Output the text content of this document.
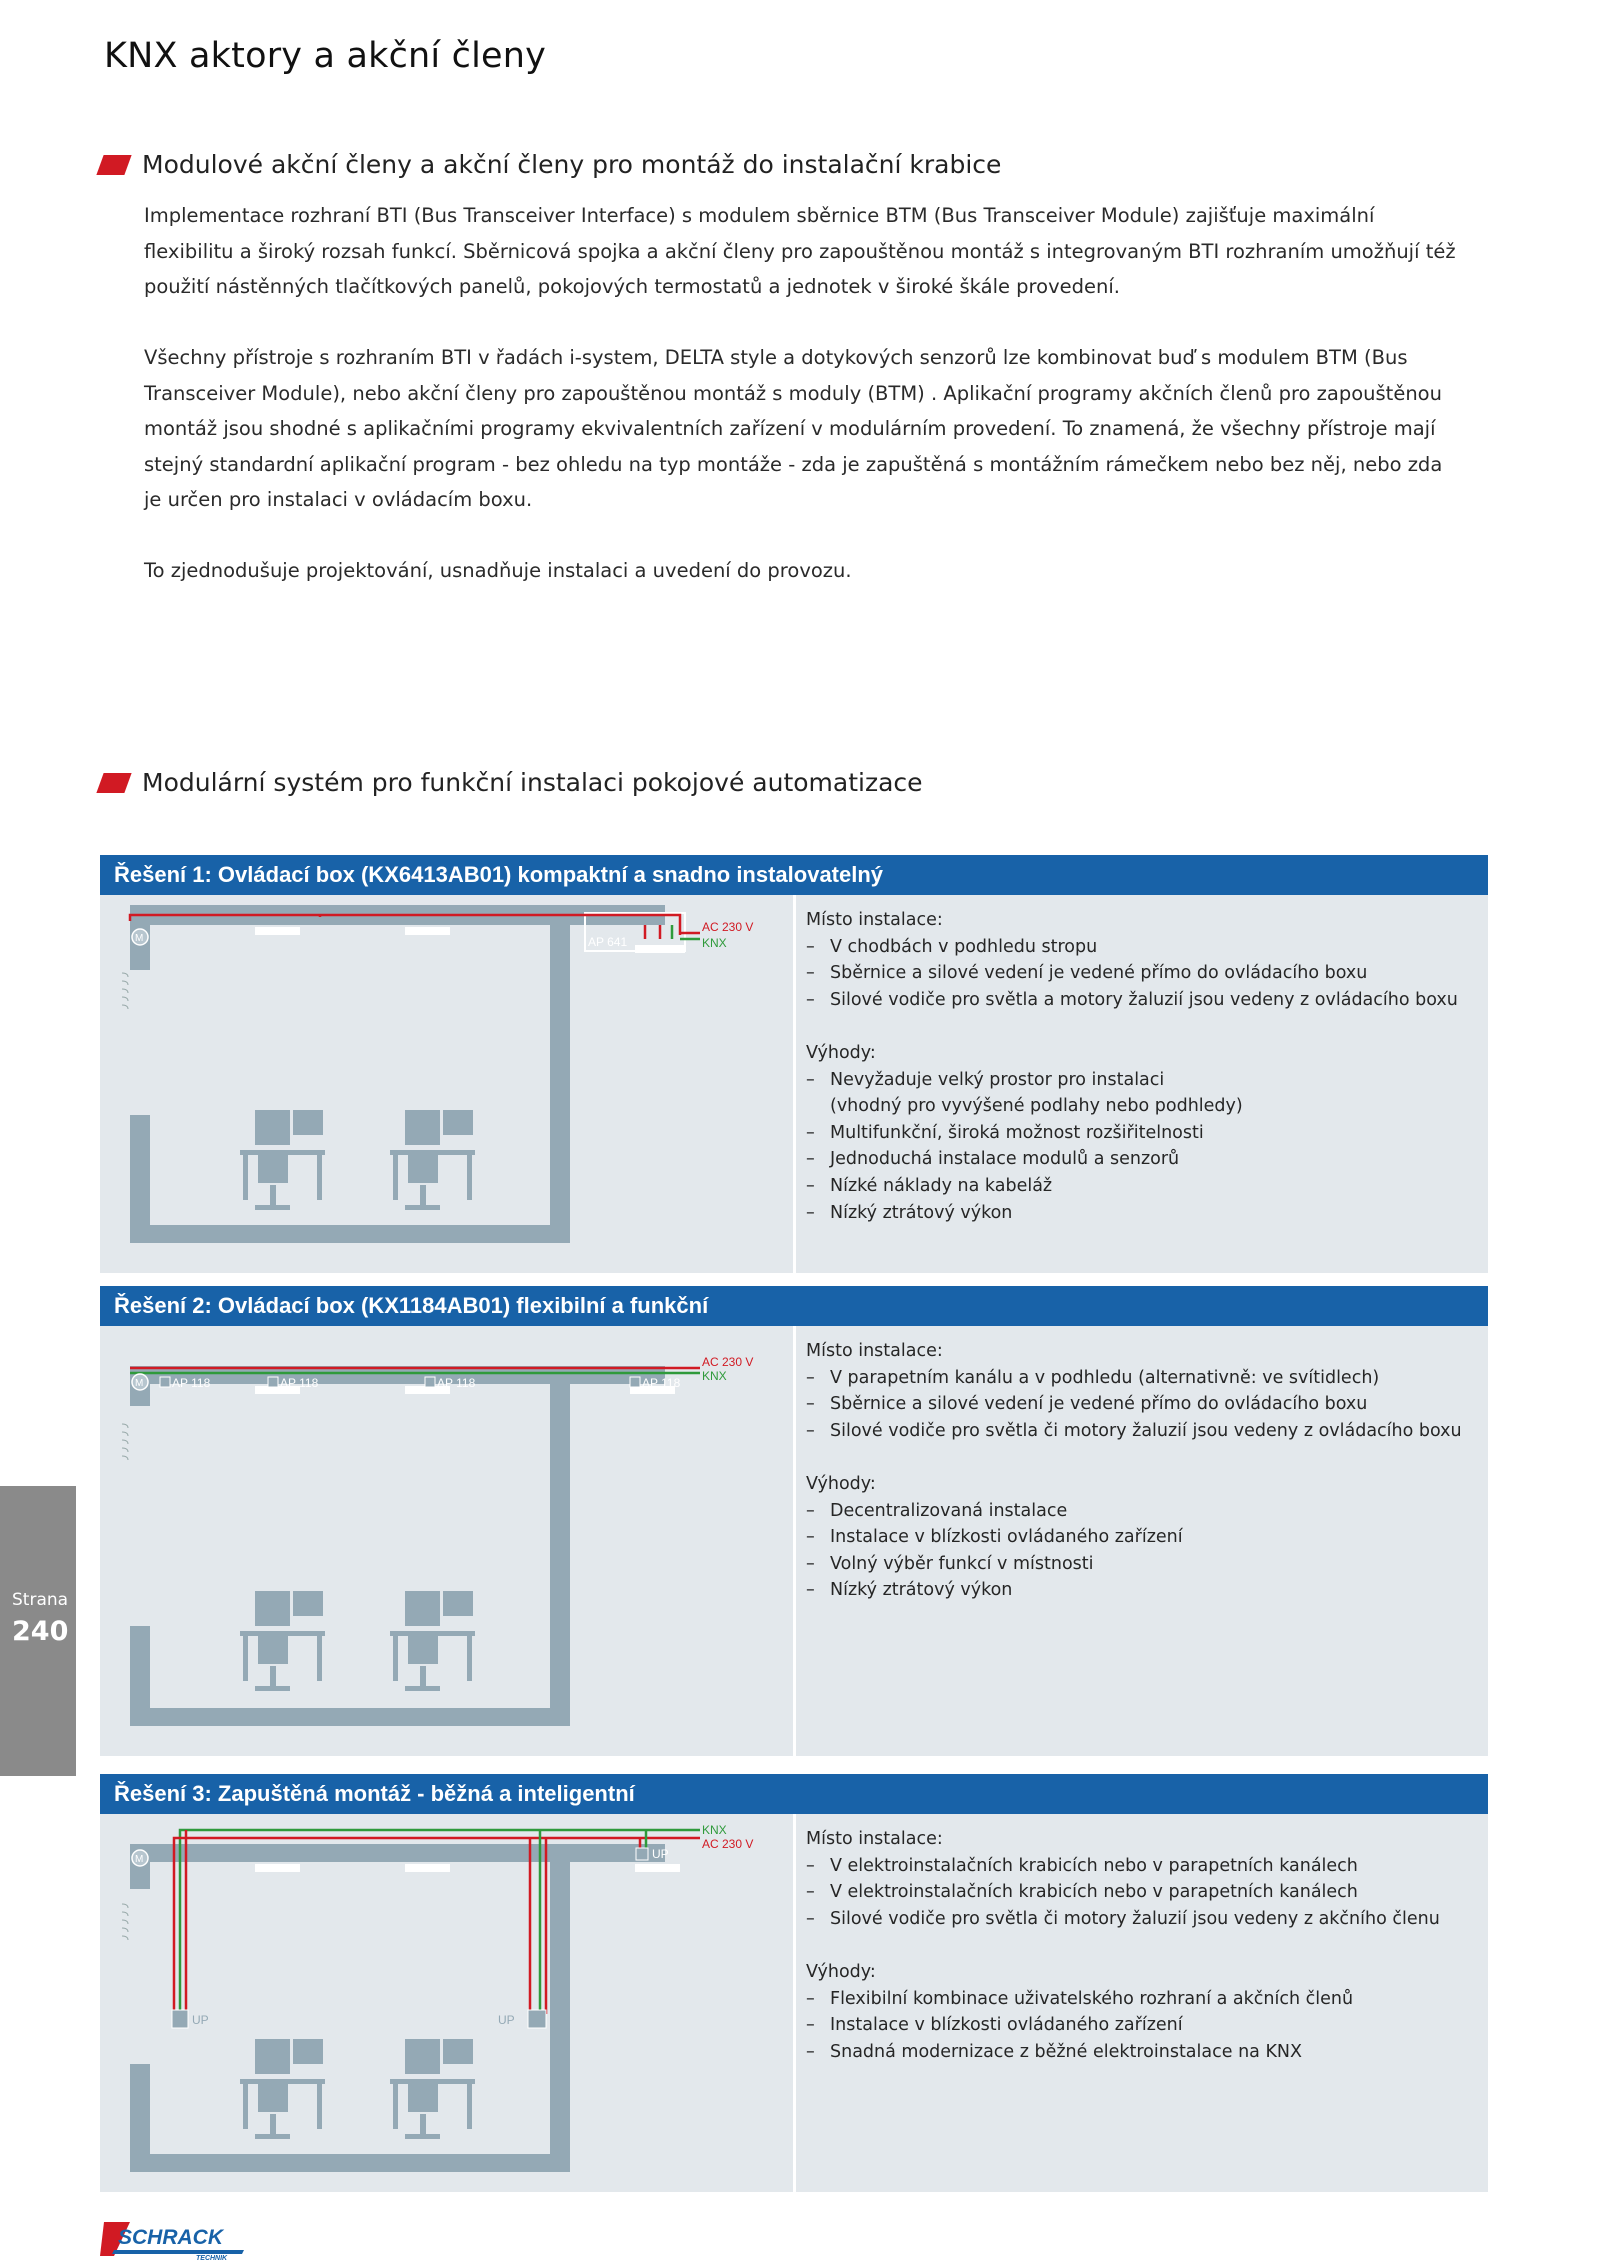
KNX aktory a akční členy
Modulové akční členy a akční členy pro montáž do instalační krabice

Implementace rozhraní BTI (Bus Transceiver Interface) s modulem sběrnice BTM (Bus Transceiver Module) zajišťuje maximální flexibilitu a široký rozsah funkcí. Sběrnicová spojka a akční členy pro zapouštěnou montáž s integrovaným BTI rozhraním umožňují též použití nástěnných tlačítkových panelů, pokojových termostatů a jednotek v široké škále provedení.

Všechny přístroje s rozhraním BTI v řadách i-system, DELTA style a dotykových senzorů lze kombinovat buď s modulem BTM (Bus Transceiver Module), nebo akční členy pro zapouštěnou montáž s moduly (BTM) . Aplikační programy akčních členů pro zapouštěnou montáž jsou shodné s aplikačními programy ekvivalentních zařízení v modulárním provedení. To znamená, že všechny přístroje mají stejný standardní aplikační program - bez ohledu na typ montáže - zda je zapuštěná s montážním rámečkem nebo bez něj, nebo zda je určen pro instalaci v ovládacím boxu.

To zjednodušuje projektování, usnadňuje instalaci a uvedení do provozu.

Modulární systém pro funkční instalaci pokojové automatizace
Řešení 1: Ovládací box (KX6413AB01) kompaktní a snadno instalovatelný
AP 641
M
AC 230 V
KNX

Místo instalace:

– V chodbách v podhledu stropu
– Sběrnice a silové vedení je vedené přímo do ovládacího boxu
– Silové vodiče pro světla a motory žaluzií jsou vedeny z ovládacího boxu

Výhody:

– Nevyžaduje velký prostor pro instalaci
(vhodný pro vyvýšené podlahy nebo podhledy)
– Multifunkční, široká možnost rozšiřitelnosti
– Jednoduchá instalace modulů a senzorů
– Nízké náklady na kabeláž
– Nízký ztrátový výkon
Řešení 2: Ovládací box (KX1184AB01) flexibilní a funkční
AP 118	AP 118	AP 118	AP 118
M
AC 230 V
KNX

Místo instalace:

– V parapetním kanálu a v podhledu (alternativně: ve svítidlech)
– Sběrnice a silové vedení je vedené přímo do ovládacího boxu
– Silové vodiče pro světla či motory žaluzií jsou vedeny z ovládacího boxu

Výhody:

– Decentralizovaná instalace
– Instalace v blízkosti ovládaného zařízení
– Volný výběr funkcí v místnosti
– Nízký ztrátový výkon
Řešení 3: Zapuštěná montáž - běžná a inteligentní
UP
UP	UP
M
KNX
AC 230 V	Místo instalace:

– V elektroinstalačních krabicích nebo v parapetních kanálech
– V elektroinstalačních krabicích nebo v parapetních kanálech
– Silové vodiče pro světla či motory žaluzií jsou vedeny z akčního členu

Výhody:

– Flexibilní kombinace uživatelského rozhraní a akčních členů
– Instalace v blízkosti ovládaného zařízení
– Snadná modernizace z běžné elektroinstalace na KNX
Strana
240
SCHRACK
TECHNIK
